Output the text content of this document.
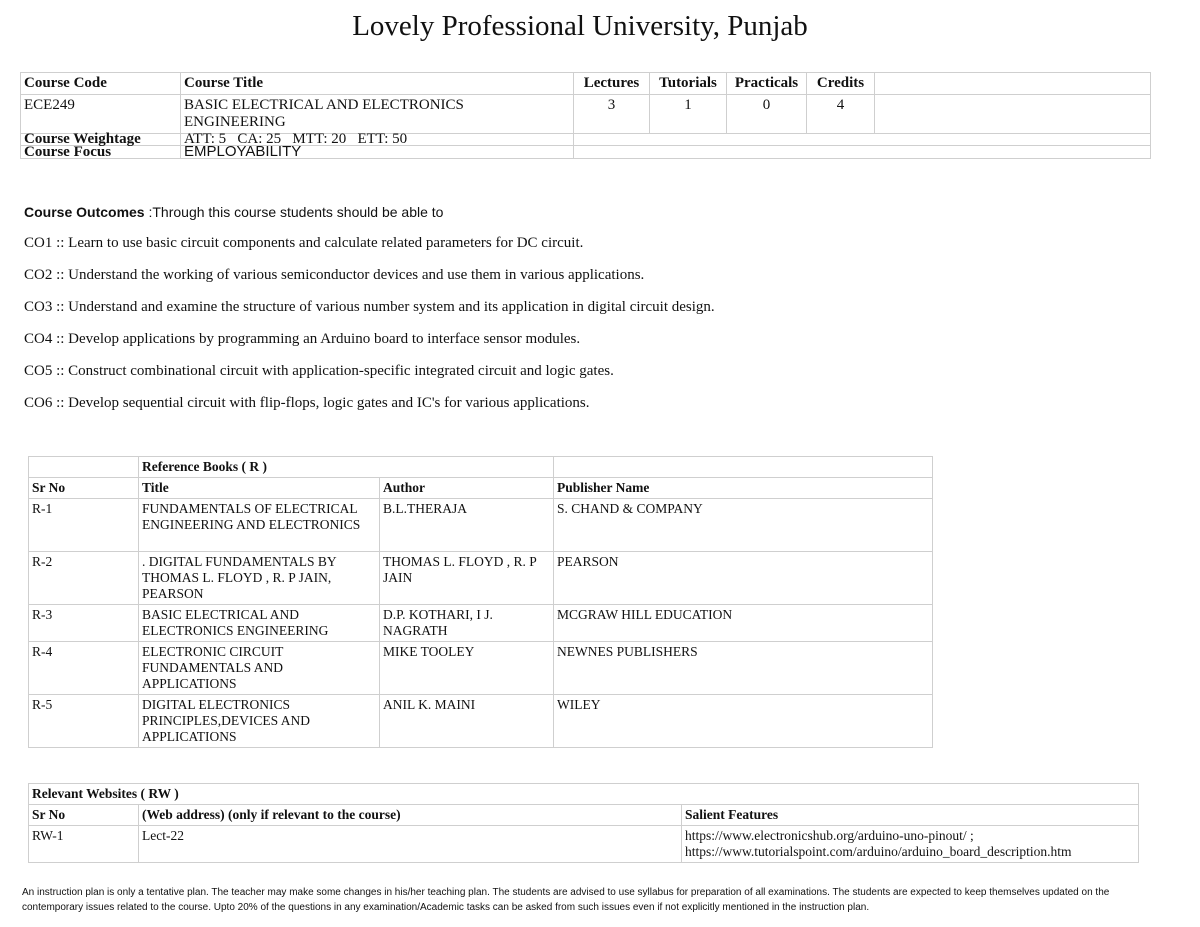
Lovely Professional University, Punjab
Course Code	Course Title	Lectures	Tutorials	Practicals	Credits	
ECE249	BASIC ELECTRICAL AND ELECTRONICS ENGINEERING	3	1	0	4	
Course Weightage	ATT: 5   CA: 25   MTT: 20   ETT: 50					
Course Focus	EMPLOYABILITY					

Course Outcomes :Through this course students should be able to

CO1 :: Learn to use basic circuit components and calculate related parameters for DC circuit.

CO2 :: Understand the working of various semiconductor devices and use them in various applications.

CO3 :: Understand and examine the structure of various number system and its application in digital circuit design.

CO4 :: Develop applications by programming an Arduino board to interface sensor modules.

CO5 :: Construct combinational circuit with application-specific integrated circuit and logic gates.

CO6 :: Develop sequential circuit with flip-flops, logic gates and IC's for various applications.

	Reference Books ( R )		
Sr No	Title	Author	Publisher Name
R-1	FUNDAMENTALS OF ELECTRICAL ENGINEERING AND ELECTRONICS	B.L.THERAJA	S. CHAND & COMPANY
R-2	. DIGITAL FUNDAMENTALS BY THOMAS L. FLOYD , R. P JAIN, PEARSON	THOMAS L. FLOYD , R. P JAIN	PEARSON
R-3	BASIC ELECTRICAL AND ELECTRONICS ENGINEERING	D.P. KOTHARI, I J. NAGRATH	MCGRAW HILL EDUCATION
R-4	ELECTRONIC CIRCUIT FUNDAMENTALS AND APPLICATIONS	MIKE TOOLEY	NEWNES PUBLISHERS
R-5	DIGITAL ELECTRONICS PRINCIPLES,DEVICES AND APPLICATIONS	ANIL K. MAINI	WILEY
Relevant Websites ( RW )		
Sr No	(Web address) (only if relevant to the course)	Salient Features
RW-1	Lect-22	https://www.electronicshub.org/arduino-uno-pinout/ ;
https://www.tutorialspoint.com/arduino/arduino_board_description.htm
An instruction plan is only a tentative plan. The teacher may make some changes in his/her teaching plan. The students are advised to use syllabus for preparation of all examinations. The students are expected to keep themselves updated on the contemporary issues related to the course. Upto 20% of the questions in any examination/Academic tasks can be asked from such issues even if not explicitly mentioned in the instruction plan.
